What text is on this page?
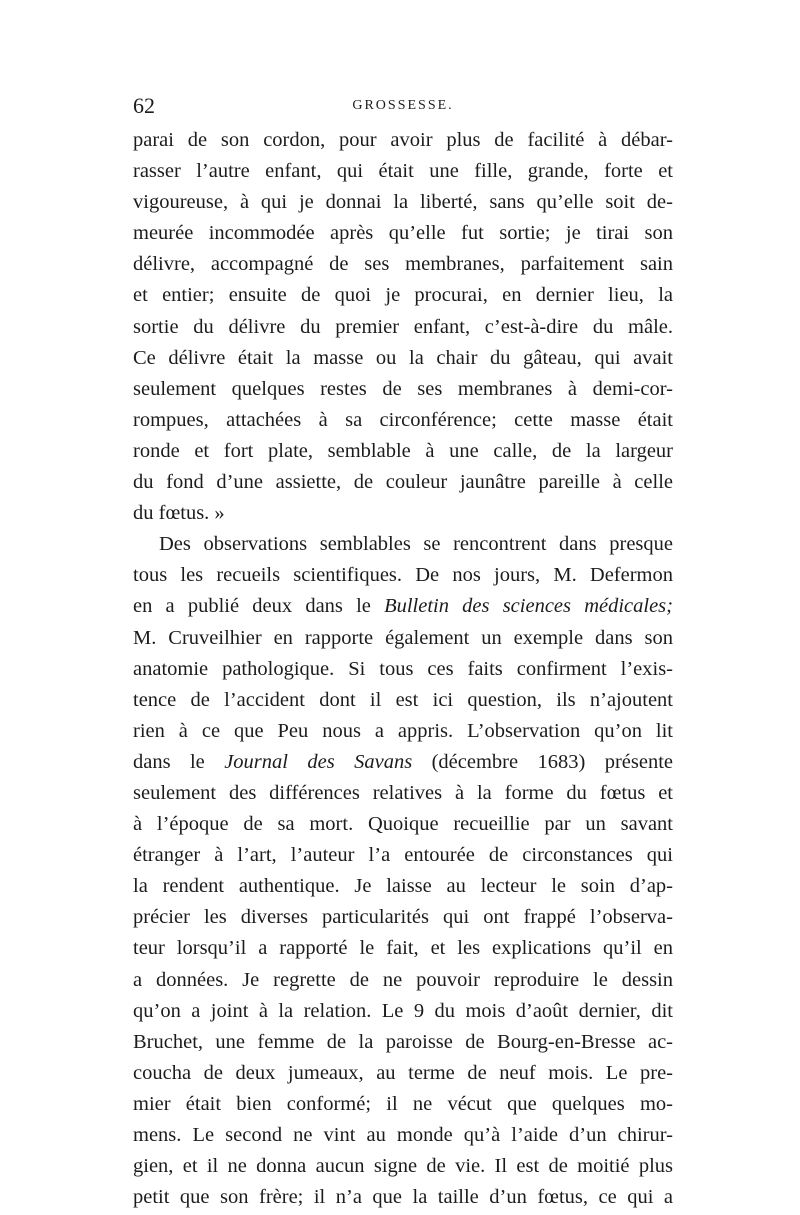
62	GROSSESSE.
parai de son cordon, pour avoir plus de facilité à débar-
rasser l’autre enfant, qui était une fille, grande, forte et
vigoureuse, à qui je donnai la liberté, sans qu’elle soit de-
meurée incommodée après qu’elle fut sortie; je tirai son
délivre, accompagné de ses membranes, parfaitement sain
et entier; ensuite de quoi je procurai, en dernier lieu, la
sortie du délivre du premier enfant, c’est-à-dire du mâle.
Ce délivre était la masse ou la chair du gâteau, qui avait
seulement quelques restes de ses membranes à demi-cor-
rompues, attachées à sa circonférence; cette masse était
ronde et fort plate, semblable à une calle, de la largeur
du fond d’une assiette, de couleur jaunâtre pareille à celle
du fœtus. »
Des observations semblables se rencontrent dans presque
tous les recueils scientifiques. De nos jours, M. Defermon
en a publié deux dans le Bulletin des sciences médicales;
M. Cruveilhier en rapporte également un exemple dans son
anatomie pathologique. Si tous ces faits confirment l’exis-
tence de l’accident dont il est ici question, ils n’ajoutent
rien à ce que Peu nous a appris. L’observation qu’on lit
dans le Journal des Savans (décembre 1683) présente
seulement des différences relatives à la forme du fœtus et
à l’époque de sa mort. Quoique recueillie par un savant
étranger à l’art, l’auteur l’a entourée de circonstances qui
la rendent authentique. Je laisse au lecteur le soin d’ap-
précier les diverses particularités qui ont frappé l’observa-
teur lorsqu’il a rapporté le fait, et les explications qu’il en
a données. Je regrette de ne pouvoir reproduire le dessin
qu’on a joint à la relation. Le 9 du mois d’août dernier, dit
Bruchet, une femme de la paroisse de Bourg-en-Bresse ac-
coucha de deux jumeaux, au terme de neuf mois. Le pre-
mier était bien conformé; il ne vécut que quelques mo-
mens. Le second ne vint au monde qu’à l’aide d’un chirur-
gien, et il ne donna aucun signe de vie. Il est de moitié plus
petit que son frère; il n’a que la taille d’un fœtus, ce qui a
